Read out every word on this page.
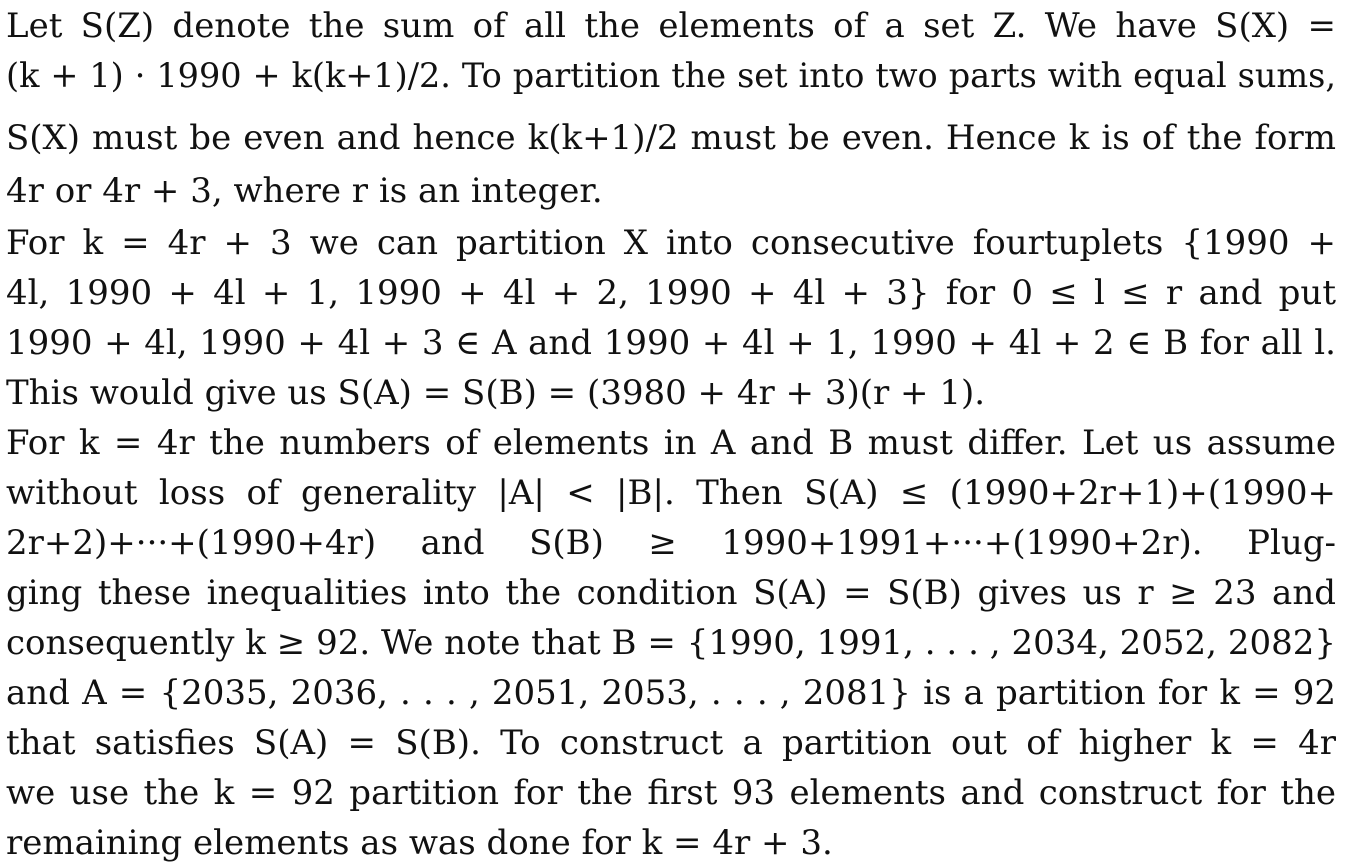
Let S(Z) denote the sum of all the elements of a set Z. We have S(X) =
(k + 1) · 1990 + k(k+1)/2. To partition the set into two parts with equal sums,
S(X) must be even and hence k(k+1)/2 must be even. Hence k is of the form
4r or 4r + 3, where r is an integer.
For k = 4r + 3 we can partition X into consecutive fourtuplets {1990 +
4l, 1990 + 4l + 1, 1990 + 4l + 2, 1990 + 4l + 3} for 0 ≤ l ≤ r and put
1990 + 4l, 1990 + 4l + 3 ∈ A and 1990 + 4l + 1, 1990 + 4l + 2 ∈ B for all l.
This would give us S(A) = S(B) = (3980 + 4r + 3)(r + 1).
For k = 4r the numbers of elements in A and B must differ. Let us assume
without loss of generality |A| < |B|. Then S(A) ≤ (1990+2r+1)+(1990+
2r+2)+···+(1990+4r) and S(B) ≥ 1990+1991+···+(1990+2r). Plug-
ging these inequalities into the condition S(A) = S(B) gives us r ≥ 23 and
consequently k ≥ 92. We note that B = {1990, 1991, . . . , 2034, 2052, 2082}
and A = {2035, 2036, . . . , 2051, 2053, . . . , 2081} is a partition for k = 92
that satisfies S(A) = S(B). To construct a partition out of higher k = 4r
we use the k = 92 partition for the first 93 elements and construct for the
remaining elements as was done for k = 4r + 3.
